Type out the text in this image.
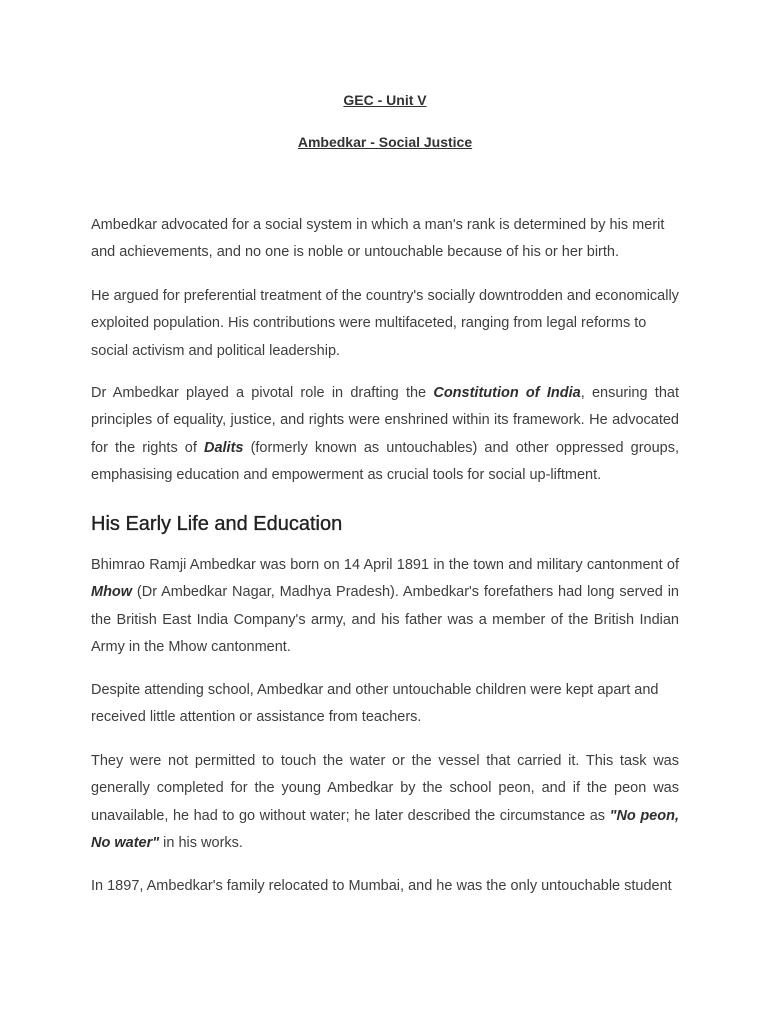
GEC - Unit V
Ambedkar - Social Justice

Ambedkar advocated for a social system in which a man's rank is determined by his merit and achievements, and no one is noble or untouchable because of his or her birth.

He argued for preferential treatment of the country's socially downtrodden and economically exploited population. His contributions were multifaceted, ranging from legal reforms to social activism and political leadership.

Dr Ambedkar played a pivotal role in drafting the Constitution of India, ensuring that principles of equality, justice, and rights were enshrined within its framework. He advocated for the rights of Dalits (formerly known as untouchables) and other oppressed groups, emphasising education and empowerment as crucial tools for social up-liftment.

His Early Life and Education

Bhimrao Ramji Ambedkar was born on 14 April 1891 in the town and military cantonment of Mhow (Dr Ambedkar Nagar, Madhya Pradesh). Ambedkar's forefathers had long served in the British East India Company's army, and his father was a member of the British Indian Army in the Mhow cantonment.

Despite attending school, Ambedkar and other untouchable children were kept apart and received little attention or assistance from teachers.

They were not permitted to touch the water or the vessel that carried it. This task was generally completed for the young Ambedkar by the school peon, and if the peon was unavailable, he had to go without water; he later described the circumstance as "No peon, No water" in his works.

In 1897, Ambedkar's family relocated to Mumbai, and he was the only untouchable student
